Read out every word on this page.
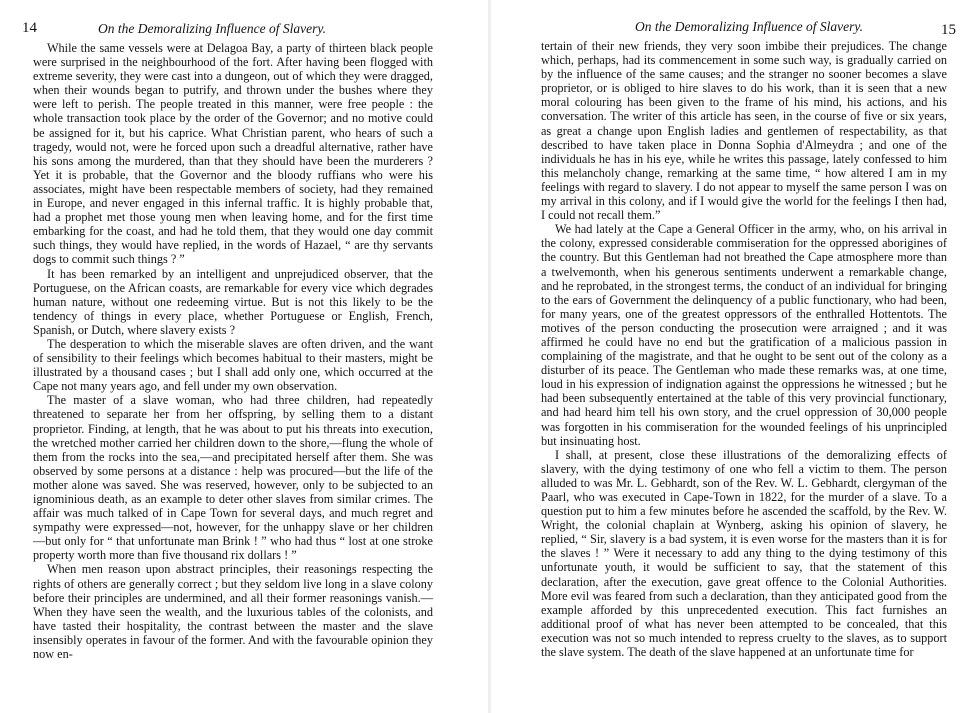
14	On the Demoralizing Influence of Slavery.

While the same vessels were at Delagoa Bay, a party of thirteen black people were surprised in the neighbourhood of the fort. After having been flogged with extreme severity, they were cast into a dungeon, out of which they were dragged, when their wounds began to putrify, and thrown under the bushes where they were left to perish. The people treated in this manner, were free people : the whole transaction took place by the order of the Governor; and no motive could be assigned for it, but his caprice. What Christian parent, who hears of such a tragedy, would not, were he forced upon such a dreadful alternative, rather have his sons among the murdered, than that they should have been the murderers ? Yet it is probable, that the Governor and the bloody ruffians who were his associates, might have been respectable members of society, had they remained in Europe, and never engaged in this infernal traffic. It is highly probable that, had a prophet met those young men when leaving home, and for the first time embarking for the coast, and had he told them, that they would one day commit such things, they would have replied, in the words of Hazael, “ are thy servants dogs to commit such things ? ”

It has been remarked by an intelligent and unprejudiced observer, that the Portuguese, on the African coasts, are remarkable for every vice which degrades human nature, without one redeeming virtue. But is not this likely to be the tendency of things in every place, whether Portuguese or English, French, Spanish, or Dutch, where slavery exists ?

The desperation to which the miserable slaves are often driven, and the want of sensibility to their feelings which becomes habitual to their masters, might be illustrated by a thousand cases ; but I shall add only one, which occurred at the Cape not many years ago, and fell under my own observation.

The master of a slave woman, who had three children, had repeatedly threatened to separate her from her offspring, by selling them to a distant proprietor. Finding, at length, that he was about to put his threats into execution, the wretched mother carried her children down to the shore,—flung the whole of them from the rocks into the sea,—and precipitated herself after them. She was observed by some persons at a distance : help was procured—but the life of the mother alone was saved. She was reserved, however, only to be subjected to an ignominious death, as an example to deter other slaves from similar crimes. The affair was much talked of in Cape Town for several days, and much regret and sympathy were expressed—not, however, for the unhappy slave or her children—but only for “ that unfortunate man Brink ! ” who had thus “ lost at one stroke property worth more than five thousand rix dollars ! ”

When men reason upon abstract principles, their reasonings respecting the rights of others are generally correct ; but they seldom live long in a slave colony before their principles are undermined, and all their former reasonings vanish.—When they have seen the wealth, and the luxurious tables of the colonists, and have tasted their hospitality, the contrast between the master and the slave insensibly operates in favour of the former. And with the favourable opinion they now en-

On the Demoralizing Influence of Slavery.	15

tertain of their new friends, they very soon imbibe their prejudices. The change which, perhaps, had its commencement in some such way, is gradually carried on by the influence of the same causes; and the stranger no sooner becomes a slave proprietor, or is obliged to hire slaves to do his work, than it is seen that a new moral colouring has been given to the frame of his mind, his actions, and his conversation. The writer of this article has seen, in the course of five or six years, as great a change upon English ladies and gentlemen of respectability, as that described to have taken place in Donna Sophia d'Almeydra ; and one of the individuals he has in his eye, while he writes this passage, lately confessed to him this melancholy change, remarking at the same time, “ how altered I am in my feelings with regard to slavery. I do not appear to myself the same person I was on my arrival in this colony, and if I would give the world for the feelings I then had, I could not recall them.”

We had lately at the Cape a General Officer in the army, who, on his arrival in the colony, expressed considerable commiseration for the oppressed aborigines of the country. But this Gentleman had not breathed the Cape atmosphere more than a twelvemonth, when his generous sentiments underwent a remarkable change, and he reprobated, in the strongest terms, the conduct of an individual for bringing to the ears of Government the delinquency of a public functionary, who had been, for many years, one of the greatest oppressors of the enthralled Hottentots. The motives of the person conducting the prosecution were arraigned ; and it was affirmed he could have no end but the gratification of a malicious passion in complaining of the magistrate, and that he ought to be sent out of the colony as a disturber of its peace. The Gentleman who made these remarks was, at one time, loud in his expression of indignation against the oppressions he witnessed ; but he had been subsequently entertained at the table of this very provincial functionary, and had heard him tell his own story, and the cruel oppression of 30,000 people was forgotten in his commiseration for the wounded feelings of his unprincipled but insinuating host.

I shall, at present, close these illustrations of the demoralizing effects of slavery, with the dying testimony of one who fell a victim to them. The person alluded to was Mr. L. Gebhardt, son of the Rev. W. L. Gebhardt, clergyman of the Paarl, who was executed in Cape-Town in 1822, for the murder of a slave. To a question put to him a few minutes before he ascended the scaffold, by the Rev. W. Wright, the colonial chaplain at Wynberg, asking his opinion of slavery, he replied, “ Sir, slavery is a bad system, it is even worse for the masters than it is for the slaves ! ” Were it necessary to add any thing to the dying testimony of this unfortunate youth, it would be sufficient to say, that the statement of this declaration, after the execution, gave great offence to the Colonial Authorities. More evil was feared from such a declaration, than they anticipated good from the example afforded by this unprecedented execution. This fact furnishes an additional proof of what has never been attempted to be concealed, that this execution was not so much intended to repress cruelty to the slaves, as to support the slave system. The death of the slave happened at an unfortunate time for
